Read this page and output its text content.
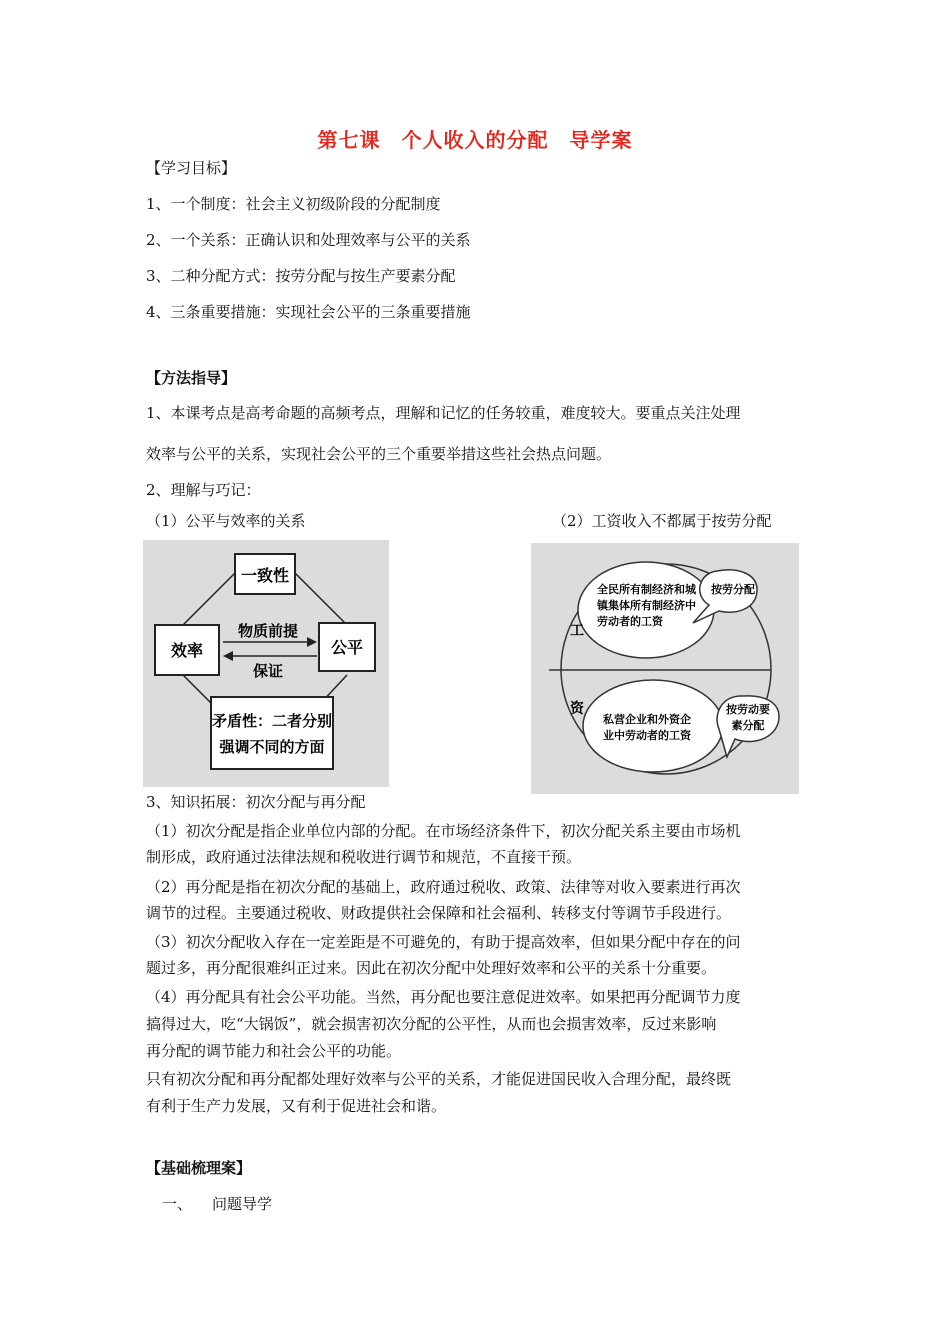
第七课　个人收入的分配　导学案
【学习目标】
1、一个制度：社会主义初级阶段的分配制度
2、一个关系：正确认识和处理效率与公平的关系
3、二种分配方式：按劳分配与按生产要素分配
4、三条重要措施：实现社会公平的三条重要措施
【方法指导】
1、本课考点是高考命题的高频考点，理解和记忆的任务较重，难度较大。要重点关注处理
效率与公平的关系，实现社会公平的三个重要举措这些社会热点问题。
2、理解与巧记：
（1）公平与效率的关系	（2）工资收入不都属于按劳分配
一致性
效率	公平
物质前提
保证
矛盾性：二者分别
强调不同的方面
工
资
全民所有制经济和城
镇集体所有制经济中
劳动者的工资
按劳分配
私营企业和外资企
业中劳动者的工资
按劳动要
素分配
3、知识拓展：初次分配与再分配
（1）初次分配是指企业单位内部的分配。在市场经济条件下，初次分配关系主要由市场机
制形成，政府通过法律法规和税收进行调节和规范，不直接干预。
（2）再分配是指在初次分配的基础上，政府通过税收、政策、法律等对收入要素进行再次
调节的过程。主要通过税收、财政提供社会保障和社会福利、转移支付等调节手段进行。
（3）初次分配收入存在一定差距是不可避免的，有助于提高效率，但如果分配中存在的问
题过多，再分配很难纠正过来。因此在初次分配中处理好效率和公平的关系十分重要。
（4）再分配具有社会公平功能。当然，再分配也要注意促进效率。如果把再分配调节力度
搞得过大，吃“大锅饭”，就会损害初次分配的公平性，从而也会损害效率，反过来影响
再分配的调节能力和社会公平的功能。
只有初次分配和再分配都处理好效率与公平的关系，才能促进国民收入合理分配，最终既
有利于生产力发展，又有利于促进社会和谐。
【基础梳理案】
一、 问题导学
